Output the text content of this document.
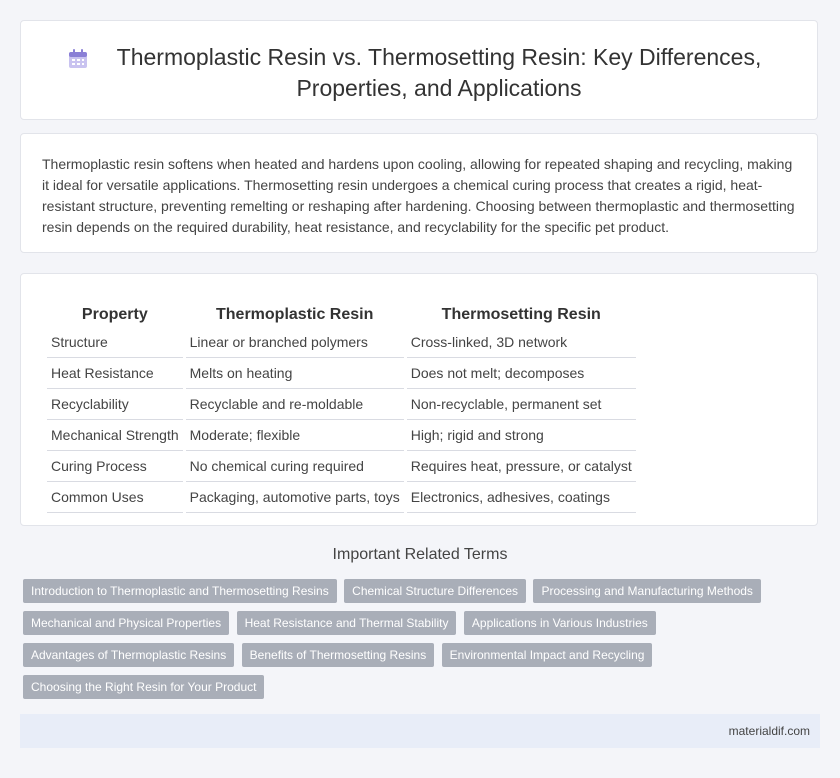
Thermoplastic Resin vs. Thermosetting Resin: Key Differences, Properties, and Applications

Thermoplastic resin softens when heated and hardens upon cooling, allowing for repeated shaping and recycling, making it ideal for versatile applications. Thermosetting resin undergoes a chemical curing process that creates a rigid, heat-resistant structure, preventing remelting or reshaping after hardening. Choosing between thermoplastic and thermosetting resin depends on the required durability, heat resistance, and recyclability for the specific pet product.

Property	Thermoplastic Resin	Thermosetting Resin
Structure	Linear or branched polymers	Cross-linked, 3D network
Heat Resistance	Melts on heating	Does not melt; decomposes
Recyclability	Recyclable and re-moldable	Non-recyclable, permanent set
Mechanical Strength	Moderate; flexible	High; rigid and strong
Curing Process	No chemical curing required	Requires heat, pressure, or catalyst
Common Uses	Packaging, automotive parts, toys	Electronics, adhesives, coatings
Important Related Terms
Introduction to Thermoplastic and Thermosetting Resins Chemical Structure Differences Processing and Manufacturing Methods Mechanical and Physical Properties Heat Resistance and Thermal Stability Applications in Various Industries Advantages of Thermoplastic Resins Benefits of Thermosetting Resins Environmental Impact and Recycling Choosing the Right Resin for Your Product
materialdif.com
